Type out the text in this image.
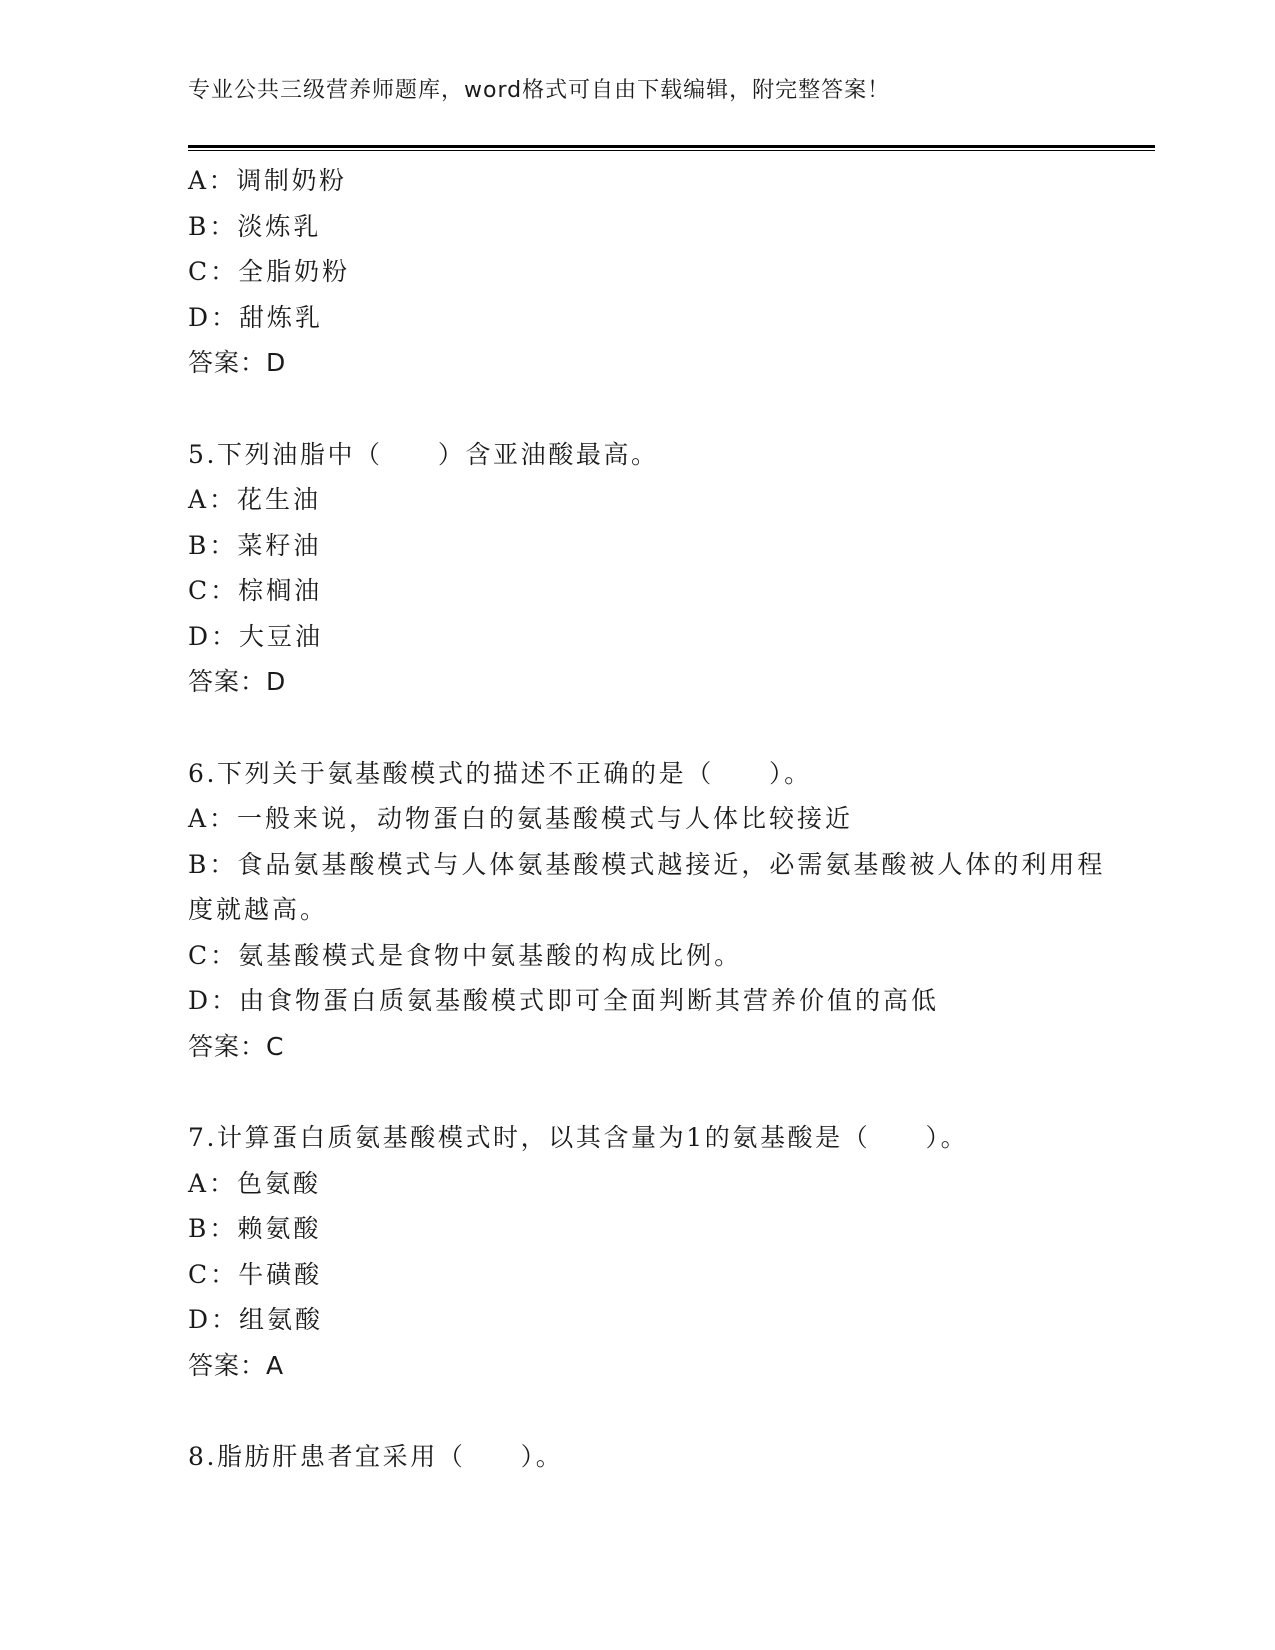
专业公共三级营养师题库，word格式可自由下载编辑，附完整答案！
A：调制奶粉
B：淡炼乳
C：全脂奶粉
D：甜炼乳
答案：D
5.下列油脂中（　　）含亚油酸最高。
A：花生油
B：菜籽油
C：棕榈油
D：大豆油
答案：D
6.下列关于氨基酸模式的描述不正确的是（　　）。
A：一般来说，动物蛋白的氨基酸模式与人体比较接近
B：食品氨基酸模式与人体氨基酸模式越接近，必需氨基酸被人体的利用程度就越高。
C：氨基酸模式是食物中氨基酸的构成比例。
D：由食物蛋白质氨基酸模式即可全面判断其营养价值的高低
答案：C
7.计算蛋白质氨基酸模式时，以其含量为1的氨基酸是（　　）。
A：色氨酸
B：赖氨酸
C：牛磺酸
D：组氨酸
答案：A
8.脂肪肝患者宜采用（　　）。
